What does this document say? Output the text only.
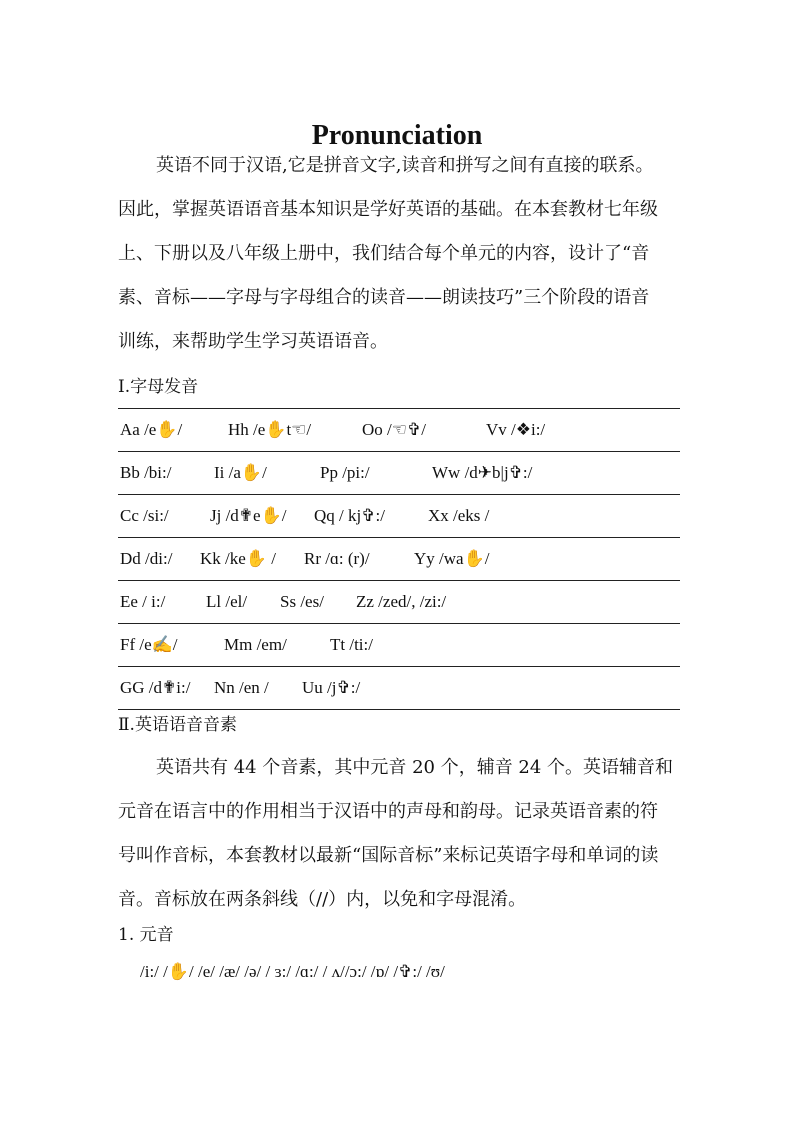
Pronunciation
英语不同于汉语,它是拼音文字,读音和拼写之间有直接的联系。
因此，掌握英语语音基本知识是学好英语的基础。在本套教材七年级
上、下册以及八年级上册中，我们结合每个单元的内容，设计了“音
素、音标——字母与字母组合的读音——朗读技巧”三个阶段的语音
训练，来帮助学生学习英语语音。
Ⅰ.字母发音
Aa /e✋/	Hh /e✋t☜/	Oo /☜✞/	Vv /❖i:/
Bb /bi:/	Ii /a✋/	Pp /pi:/	Ww /d✈b|j✞:/
Cc /si:/ Jj /d✟e✋/ Qq / kj✞:/	Xx /eks /
Dd /di:/ Kk /ke✋ / Rr /ɑ: (r)/	Yy /wa✋/
Ee / i:/ Ll /el/ Ss /es/ Zz /zed/, /zi:/
Ff /e✍/	Mm /em/	Tt /ti:/
GG /d✟i:/ Nn /en / Uu /j✞:/
Ⅱ.英语语音音素
英语共有 44 个音素，其中元音 20 个，辅音 24 个。英语辅音和
元音在语言中的作用相当于汉语中的声母和韵母。记录英语音素的符
号叫作音标，本套教材以最新“国际音标”来标记英语字母和单词的读
音。音标放在两条斜线（//）内，以免和字母混淆。
1. 元音
/i:/ /✋/ /e/ /æ/ /ə/ / ɜ:/ /ɑ:/ / ʌ//ɔ:/ /ɒ/ /✞:/ /ʊ/
